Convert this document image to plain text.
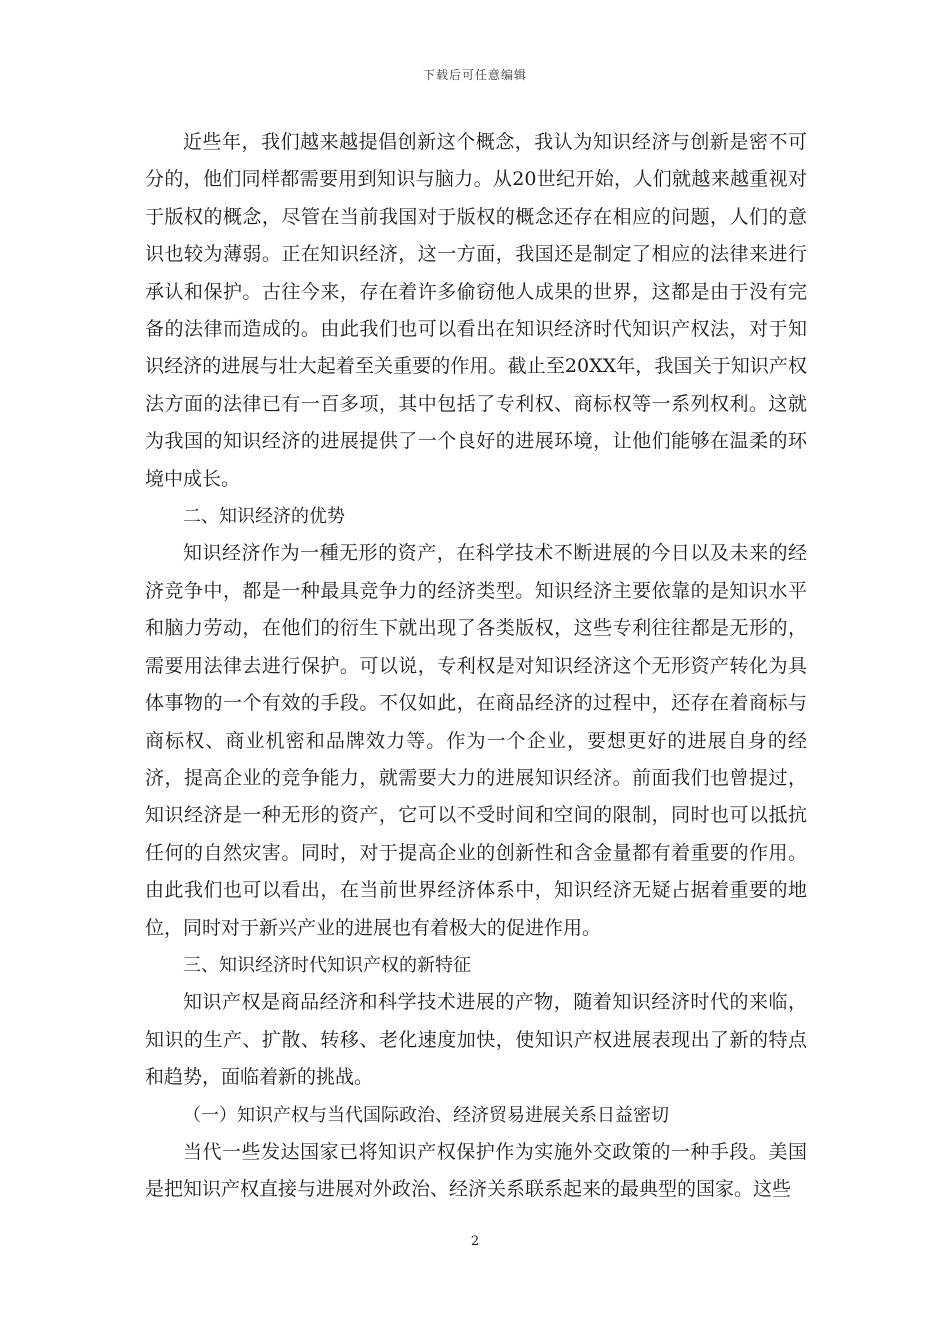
下载后可任意编辑

近些年，我们越来越提倡创新这个概念，我认为知识经济与创新是密不可分的，他们同样都需要用到知识与脑力。从20世纪开始，人们就越来越重视对于版权的概念，尽管在当前我国对于版权的概念还存在相应的问题，人们的意识也较为薄弱。正在知识经济，这一方面，我国还是制定了相应的法律来进行承认和保护。古往今来，存在着许多偷窃他人成果的世界，这都是由于没有完备的法律而造成的。由此我们也可以看出在知识经济时代知识产权法，对于知识经济的进展与壮大起着至关重要的作用。截止至20XX年，我国关于知识产权法方面的法律已有一百多项，其中包括了专利权、商标权等一系列权利。这就为我国的知识经济的进展提供了一个良好的进展环境，让他们能够在温柔的环境中成长。

二、知识经济的优势

知识经济作为一種无形的资产，在科学技术不断进展的今日以及未来的经济竞争中，都是一种最具竞争力的经济类型。知识经济主要依靠的是知识水平和脑力劳动，在他们的衍生下就出现了各类版权，这些专利往往都是无形的，需要用法律去进行保护。可以说，专利权是对知识经济这个无形资产转化为具体事物的一个有效的手段。不仅如此，在商品经济的过程中，还存在着商标与商标权、商业机密和品牌效力等。作为一个企业，要想更好的进展自身的经济，提高企业的竞争能力，就需要大力的进展知识经济。前面我们也曾提过，知识经济是一种无形的资产，它可以不受时间和空间的限制，同时也可以抵抗任何的自然灾害。同时，对于提高企业的创新性和含金量都有着重要的作用。由此我们也可以看出，在当前世界经济体系中，知识经济无疑占据着重要的地位，同时对于新兴产业的进展也有着极大的促进作用。

三、知识经济时代知识产权的新特征

知识产权是商品经济和科学技术进展的产物，随着知识经济时代的来临，知识的生产、扩散、转移、老化速度加快，使知识产权进展表现出了新的特点和趋势，面临着新的挑战。

（一）知识产权与当代国际政治、经济贸易进展关系日益密切

当代一些发达国家已将知识产权保护作为实施外交政策的一种手段。美国是把知识产权直接与进展对外政治、经济关系联系起来的最典型的国家。这些

2
